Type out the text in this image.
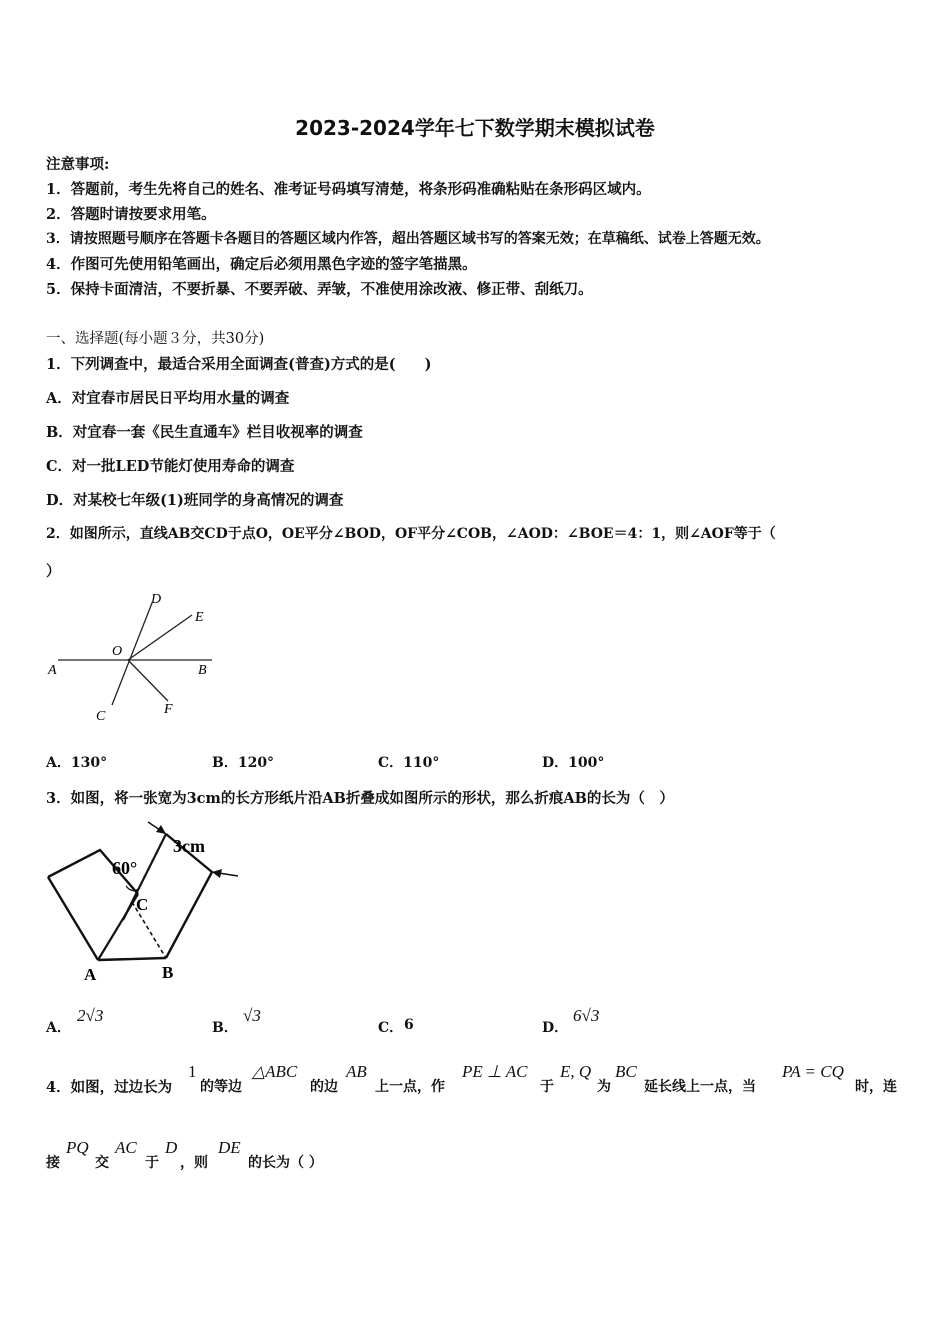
2023-2024学年七下数学期末模拟试卷
注意事项:
1．答题前，考生先将自己的姓名、准考证号码填写清楚，将条形码准确粘贴在条形码区域内。
2．答题时请按要求用笔。
3．请按照题号顺序在答题卡各题目的答题区域内作答，超出答题区域书写的答案无效；在草稿纸、试卷上答题无效。
4．作图可先使用铅笔画出，确定后必须用黑色字迹的签字笔描黑。
5．保持卡面清洁，不要折暴、不要弄破、弄皱，不准使用涂改液、修正带、刮纸刀。
一、选择题(每小题３分，共30分)
1．下列调查中，最适合采用全面调查(普查)方式的是(　　)
A．对宜春市居民日平均用水量的调查
B．对宜春一套《民生直通车》栏目收视率的调查
C．对一批LED节能灯使用寿命的调查
D．对某校七年级(1)班同学的身高情况的调查
2．如图所示，直线AB交CD于点O，OE平分∠BOD，OF平分∠COB，∠AOD：∠BOE＝4：1，则∠AOF等于（
）
A	B
C
D
E
F
O
A．130°	B．120°	C．110°	D．100°
3．如图，将一张宽为3cm的长方形纸片沿AB折叠成如图所示的形状，那么折痕AB的长为（　）
3cm
60°
C
A	B
A．
2√3
B．
√3
C． 6	D．
6√3
4．如图，过边长为
1
的等边
△ABC
的边
AB
上一点，作
PE ⊥ AC
于
E, Q
为
BC
延长线上一点，当
PA = CQ
时，连
接
PQ
交
AC
于
D
，则
DE
的长为（ ）
